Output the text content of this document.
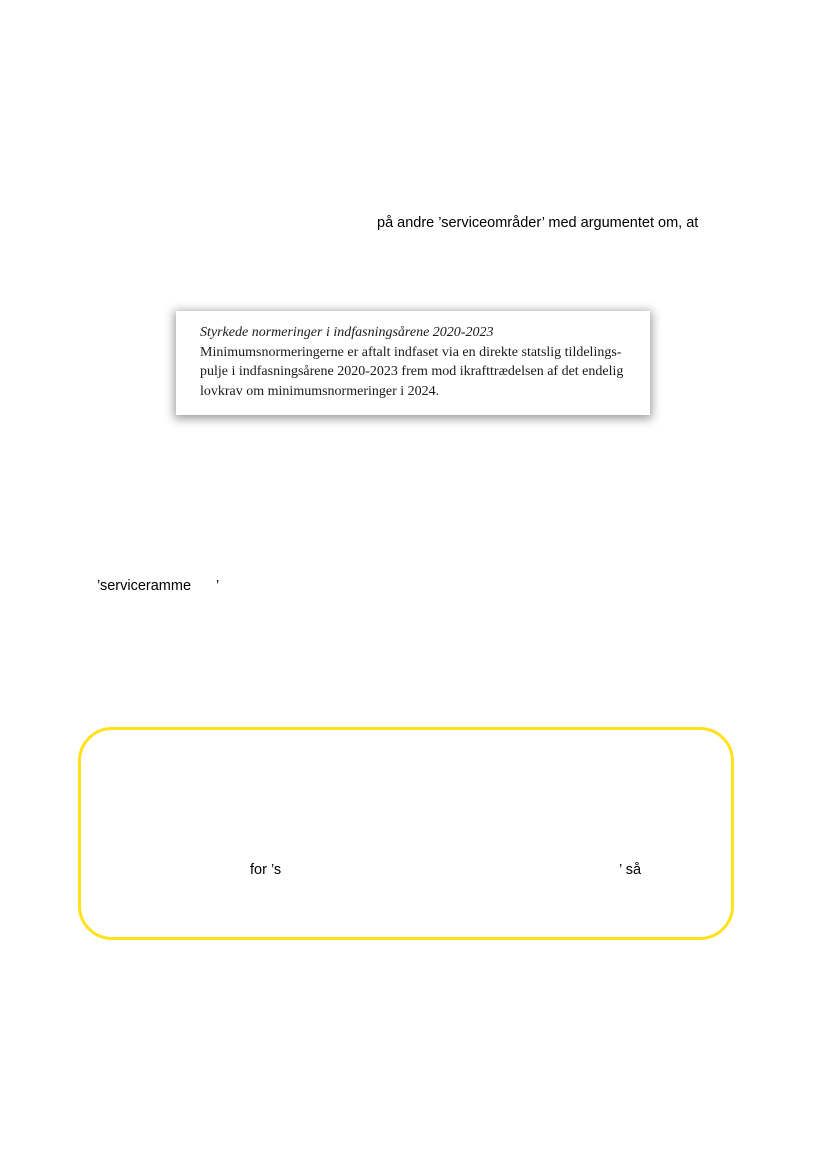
på andre ’serviceområder’ med argumentet om, at
Styrkede normeringer i indfasningsårene 2020-2023
Minimumsnormeringerne er aftalt indfaset via en direkte statslig tildelings-
pulje i indfasningsårene 2020-2023 frem mod ikrafttrædelsen af det endelig
lovkrav om minimumsnormeringer i 2024.
’serviceramme ’
for ’s	’ så
